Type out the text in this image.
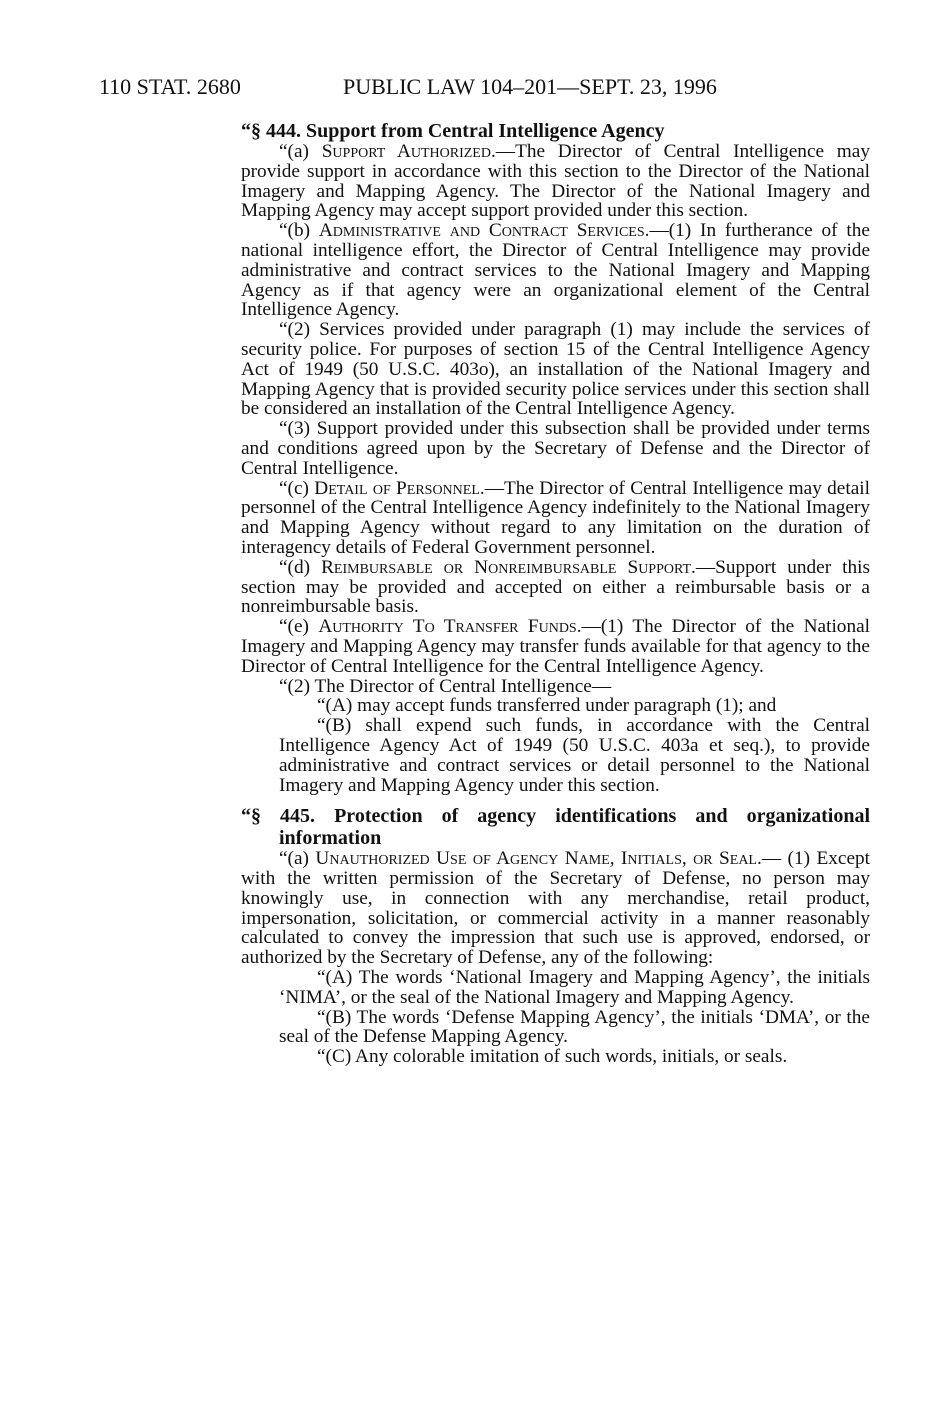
110 STAT. 2680	PUBLIC LAW 104–201—SEPT. 23, 1996

“§ 444. Support from Central Intelligence Agency

“(a) Support Authorized.—The Director of Central Intelligence may provide support in accordance with this section to the Director of the National Imagery and Mapping Agency. The Director of the National Imagery and Mapping Agency may accept support provided under this section.

“(b) Administrative and Contract Services.—(1) In furtherance of the national intelligence effort, the Director of Central Intelligence may provide administrative and contract services to the National Imagery and Mapping Agency as if that agency were an organizational element of the Central Intelligence Agency.

“(2) Services provided under paragraph (1) may include the services of security police. For purposes of section 15 of the Central Intelligence Agency Act of 1949 (50 U.S.C. 403o), an installation of the National Imagery and Mapping Agency that is provided security police services under this section shall be considered an installation of the Central Intelligence Agency.

“(3) Support provided under this subsection shall be provided under terms and conditions agreed upon by the Secretary of Defense and the Director of Central Intelligence.

“(c) Detail of Personnel.—The Director of Central Intelligence may detail personnel of the Central Intelligence Agency indefinitely to the National Imagery and Mapping Agency without regard to any limitation on the duration of interagency details of Federal Government personnel.

“(d) Reimbursable or Nonreimbursable Support.—Support under this section may be provided and accepted on either a reimbursable basis or a nonreimbursable basis.

“(e) Authority To Transfer Funds.—(1) The Director of the National Imagery and Mapping Agency may transfer funds available for that agency to the Director of Central Intelligence for the Central Intelligence Agency.

“(2) The Director of Central Intelligence—

“(A) may accept funds transferred under paragraph (1); and

“(B) shall expend such funds, in accordance with the Central Intelligence Agency Act of 1949 (50 U.S.C. 403a et seq.), to provide administrative and contract services or detail personnel to the National Imagery and Mapping Agency under this section.

“§ 445. Protection of agency identifications and organizational information

“(a) Unauthorized Use of Agency Name, Initials, or Seal.— (1) Except with the written permission of the Secretary of Defense, no person may knowingly use, in connection with any merchandise, retail product, impersonation, solicitation, or commercial activity in a manner reasonably calculated to convey the impression that such use is approved, endorsed, or authorized by the Secretary of Defense, any of the following:

“(A) The words ‘National Imagery and Mapping Agency’, the initials ‘NIMA’, or the seal of the National Imagery and Mapping Agency.

“(B) The words ‘Defense Mapping Agency’, the initials ‘DMA’, or the seal of the Defense Mapping Agency.

“(C) Any colorable imitation of such words, initials, or seals.
